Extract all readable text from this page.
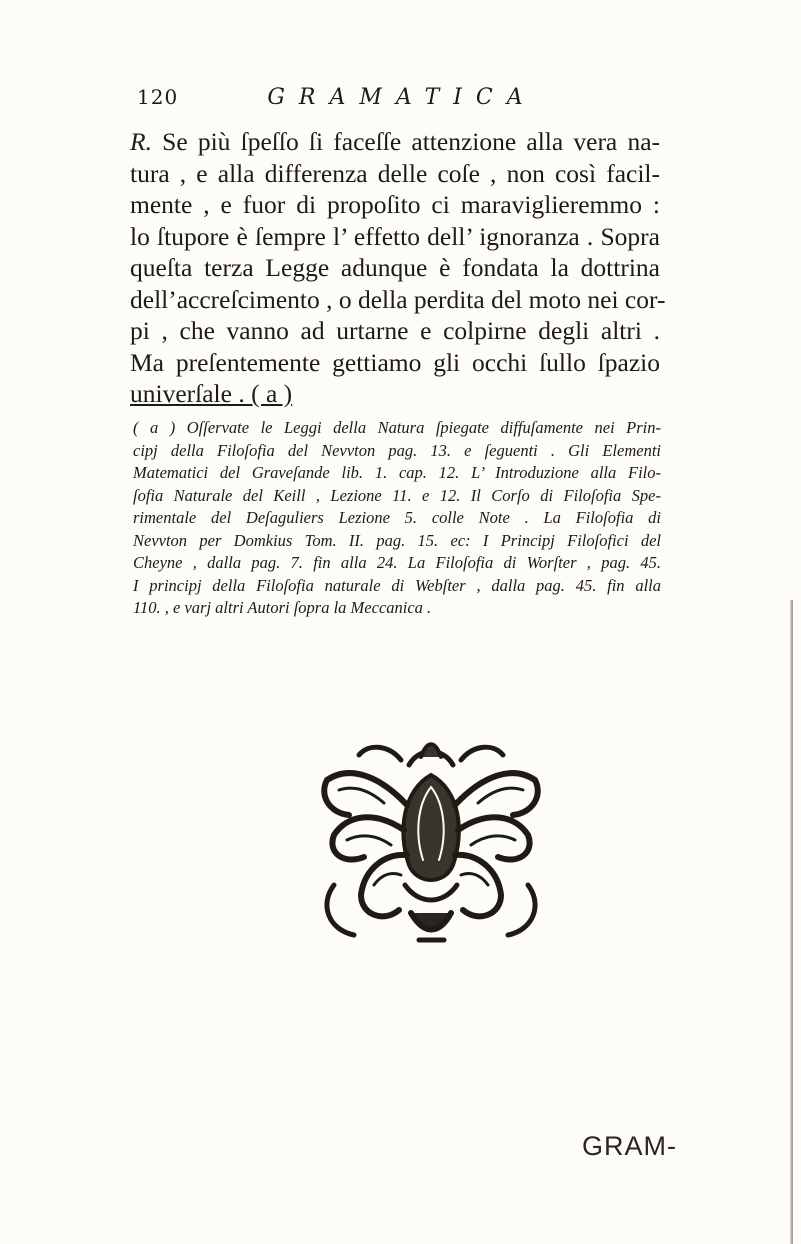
120	GRAMATICA
R. Se più ſpeſſo ſi faceſſe attenzione alla vera na-
tura , e alla differenza delle coſe , non così facil-
mente , e fuor di propoſito ci maraviglieremmo :
lo ſtupore è ſempre l’ effetto dell’ ignoranza . Sopra
queſta terza Legge adunque è fondata la dottrina
dell’accreſcimento , o della perdita del moto nei cor-
pi , che vanno ad urtarne e colpirne degli altri .
Ma preſentemente gettiamo gli occhi ſullo ſpazio
univerſale . ( a )
( a ) Oſſervate le Leggi della Natura ſpiegate diffuſamente nei Prin-
cipj della Filoſofia del Nevvton pag. 13. e ſeguenti . Gli Elementi
Matematici del Graveſande lib. 1. cap. 12. L’ Introduzione alla Filo-
ſofia Naturale del Keill , Lezione 11. e 12. Il Corſo di Filoſofia Spe-
rimentale del Deſaguliers Lezione 5. colle Note . La Filoſofia di
Nevvton per Domkius Tom. II. pag. 15. ec: I Principj Filoſofici del
Cheyne , dalla pag. 7. fin alla 24. La Filoſofia di Worſter , pag. 45.
I principj della Filoſofia naturale di Webſter , dalla pag. 45. fin alla
110. , e varj altri Autori ſopra la Meccanica .
GRAM-
